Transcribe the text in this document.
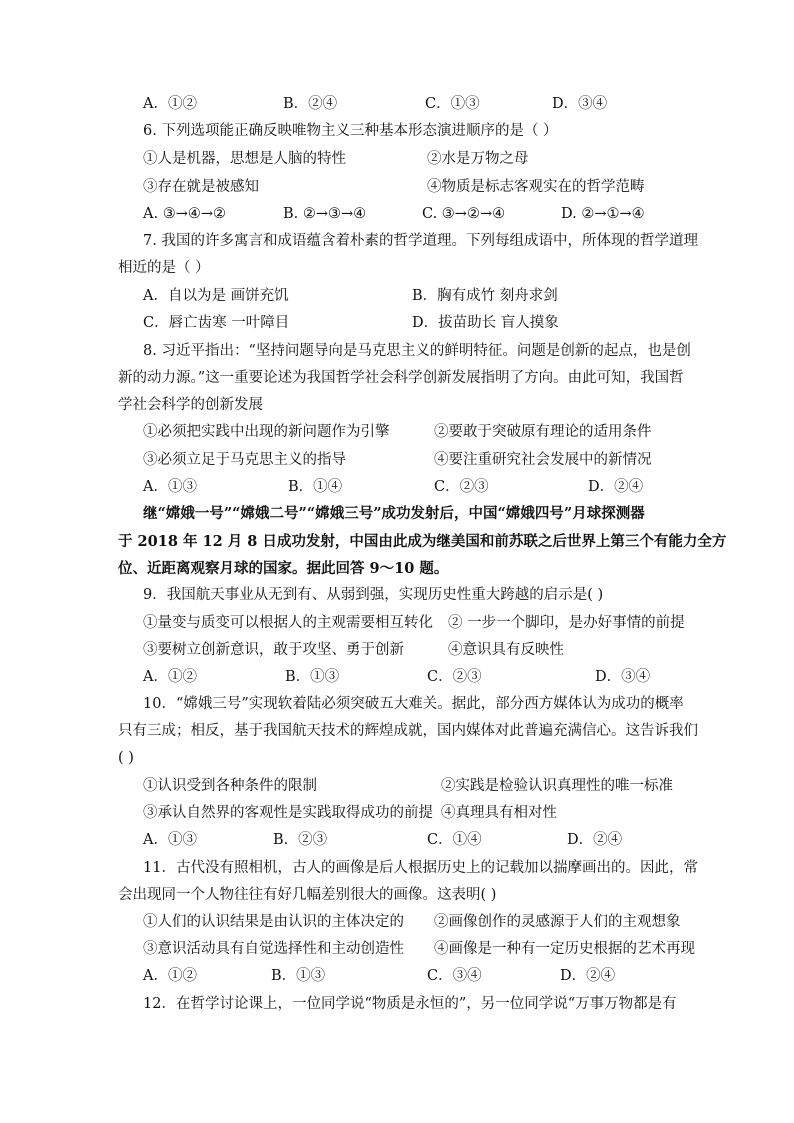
A．①②	B．②④	C．①③	D．③④
6. 下列选项能正确反映唯物主义三种基本形态演进顺序的是（ ）
①人是机器，思想是人脑的特性	②水是万物之母
③存在就是被感知	④物质是标志客观实在的哲学范畴
A. ③→④→②	B. ②→③→④	C. ③→②→④	D. ②→①→④
7. 我国的许多寓言和成语蕴含着朴素的哲学道理。下列每组成语中，所体现的哲学道理
相近的是（ ）
A．自以为是 画饼充饥	B．胸有成竹 刻舟求剑
C．唇亡齿寒 一叶障目	D．拔苗助长 盲人摸象
8. 习近平指出：“坚持问题导向是马克思主义的鲜明特征。问题是创新的起点，也是创
新的动力源。”这一重要论述为我国哲学社会科学创新发展指明了方向。由此可知，我国哲
学社会科学的创新发展
①必须把实践中出现的新问题作为引擎	②要敢于突破原有理论的适用条件
③必须立足于马克思主义的指导	④要注重研究社会发展中的新情况
A．①③	B．①④	C．②③	D．②④
继“嫦娥一号”“嫦娥二号”“嫦娥三号”成功发射后，中国“嫦娥四号”月球探测器
于 2018 年 12 月 8 日成功发射，中国由此成为继美国和前苏联之后世界上第三个有能力全方
位、近距离观察月球的国家。据此回答 9～10 题。
9．我国航天事业从无到有、从弱到强，实现历史性重大跨越的启示是( )
①量变与质变可以根据人的主观需要相互转化 ② 一步一个脚印，是办好事情的前提
③要树立创新意识，敢于攻坚、勇于创新	④意识具有反映性
A．①②	B．①③	C．②③	D．③④
10．“嫦娥三号”实现软着陆必须突破五大难关。据此，部分西方媒体认为成功的概率
只有三成；相反，基于我国航天技术的辉煌成就，国内媒体对此普遍充满信心。这告诉我们
( )
①认识受到各种条件的限制	②实践是检验认识真理性的唯一标准
③承认自然界的客观性是实践取得成功的前提 ④真理具有相对性
A．①③	B．②③	C．①④	D．②④
11．古代没有照相机，古人的画像是后人根据历史上的记载加以揣摩画出的。因此，常
会出现同一个人物往往有好几幅差别很大的画像。这表明( )
①人们的认识结果是由认识的主体决定的 ②画像创作的灵感源于人们的主观想象
③意识活动具有自觉选择性和主动创造性 ④画像是一种有一定历史根据的艺术再现
A．①②	B．①③	C．③④	D．②④
12．在哲学讨论课上，一位同学说“物质是永恒的”，另一位同学说“万事万物都是有
